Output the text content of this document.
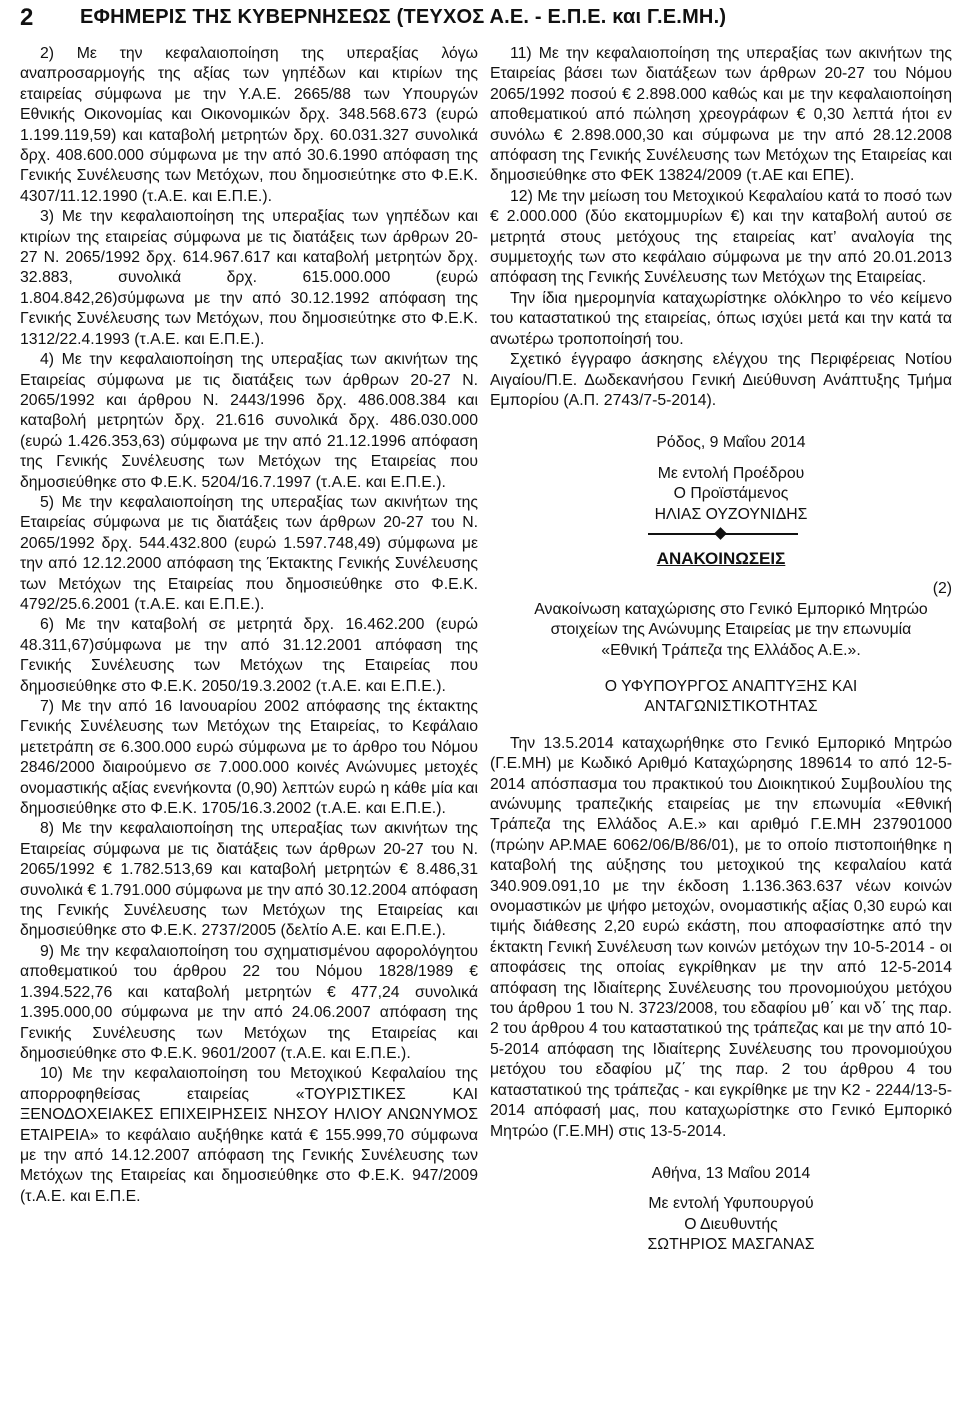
2 ΕΦΗΜΕΡΙΣ ΤΗΣ ΚΥΒΕΡΝΗΣΕΩΣ (ΤΕΥΧΟΣ Α.Ε. - Ε.Π.Ε. και Γ.Ε.ΜΗ.)

2) Με την κεφαλαιοποίηση της υπεραξίας λόγω αναπροσαρμογής της αξίας των γηπέδων και κτιρίων της εταιρείας σύμφωνα με την Υ.Α.Ε. 2665/88 των Υπουργών Εθνικής Οικονομίας και Οικονομικών δρχ. 348.568.673 (ευρώ 1.199.119,59) και καταβολή μετρητών δρχ. 60.031.327 συνολικά δρχ. 408.600.000 σύμφωνα με την από 30.6.1990 απόφαση της Γενικής Συνέλευσης των Μετόχων, που δημοσιεύτηκε στο Φ.Ε.Κ. 4307/11.12.1990 (τ.Α.Ε. και Ε.Π.Ε.).

3) Με την κεφαλαιοποίηση της υπεραξίας των γηπέδων και κτιρίων της εταιρείας σύμφωνα με τις διατάξεις των άρθρων 20-27 Ν. 2065/1992 δρχ. 614.967.617 και καταβολή μετρητών δρχ. 32.883, συνολικά δρχ. 615.000.000 (ευρώ 1.804.842,26)σύμφωνα με την από 30.12.1992 απόφαση της Γενικής Συνέλευσης των Μετόχων, που δημοσιεύτηκε στο Φ.Ε.Κ. 1312/22.4.1993 (τ.Α.Ε. και Ε.Π.Ε.).

4) Με την κεφαλαιοποίηση της υπεραξίας των ακινήτων της Εταιρείας σύμφωνα με τις διατάξεις των άρθρων 20-27 Ν. 2065/1992 και άρθρου Ν. 2443/1996 δρχ. 486.008.384 και καταβολή μετρητών δρχ. 21.616 συνολικά δρχ. 486.030.000 (ευρώ 1.426.353,63) σύμφωνα με την από 21.12.1996 απόφαση της Γενικής Συνέλευσης των Μετόχων της Εταιρείας που δημοσιεύθηκε στο Φ.Ε.Κ. 5204/16.7.1997 (τ.Α.Ε. και Ε.Π.Ε.).

5) Με την κεφαλαιοποίηση της υπεραξίας των ακινήτων της Εταιρείας σύμφωνα με τις διατάξεις των άρθρων 20-27 του Ν. 2065/1992 δρχ. 544.432.800 (ευρώ 1.597.748,49) σύμφωνα με την από 12.12.2000 απόφαση της Έκτακτης Γενικής Συνέλευσης των Μετόχων της Εταιρείας που δημοσιεύθηκε στο Φ.Ε.Κ. 4792/25.6.2001 (τ.Α.Ε. και Ε.Π.Ε.).

6) Με την καταβολή σε μετρητά δρχ. 16.462.200 (ευρώ 48.311,67)σύμφωνα με την από 31.12.2001 απόφαση της Γενικής Συνέλευσης των Μετόχων της Εταιρείας που δημοσιεύθηκε στο Φ.Ε.Κ. 2050/19.3.2002 (τ.Α.Ε. και Ε.Π.Ε.).

7) Με την από 16 Ιανουαρίου 2002 απόφασης της έκτακτης Γενικής Συνέλευσης των Μετόχων της Εταιρείας, το Κεφάλαιο μετετράπη σε 6.300.000 ευρώ σύμφωνα με το άρθρο του Νόμου 2846/2000 διαιρούμενο σε 7.000.000 κοινές Ανώνυμες μετοχές ονομαστικής αξίας ενενήκοντα (0,90) λεπτών ευρώ η κάθε μία και δημοσιεύθηκε στο Φ.Ε.Κ. 1705/16.3.2002 (τ.Α.Ε. και Ε.Π.Ε.).

8) Με την κεφαλαιοποίηση της υπεραξίας των ακινήτων της Εταιρείας σύμφωνα με τις διατάξεις των άρθρων 20-27 του Ν. 2065/1992 € 1.782.513,69 και καταβολή μετρητών € 8.486,31 συνολικά € 1.791.000 σύμφωνα με την από 30.12.2004 απόφαση της Γενικής Συνέλευσης των Μετόχων της Εταιρείας και δημοσιεύθηκε στο Φ.Ε.Κ. 2737/2005 (δελτίο Α.Ε. και Ε.Π.Ε.).

9) Με την κεφαλαιοποίηση του σχηματισμένου αφορολόγητου αποθεματικού του άρθρου 22 του Νόμου 1828/1989 € 1.394.522,76 και καταβολή μετρητών € 477,24 συνολικά 1.395.000,00 σύμφωνα με την από 24.06.2007 απόφαση της Γενικής Συνέλευσης των Μετόχων της Εταιρείας και δημοσιεύθηκε στο Φ.Ε.Κ. 9601/2007 (τ.Α.Ε. και Ε.Π.Ε.).

10) Με την κεφαλαιοποίηση του Μετοχικού Κεφαλαίου της απορροφηθείσας εταιρείας «ΤΟΥΡΙΣΤΙΚΕΣ ΚΑΙ ΞΕΝΟΔΟΧΕΙΑΚΕΣ ΕΠΙΧΕΙΡΗΣΕΙΣ ΝΗΣΟΥ ΗΛΙΟΥ ΑΝΩΝΥΜΟΣ ΕΤΑΙΡΕΙΑ» το κεφάλαιο αυξήθηκε κατά € 155.999,70 σύμφωνα με την από 14.12.2007 απόφαση της Γενικής Συνέλευσης των Μετόχων της Εταιρείας και δημοσιεύθηκε στο Φ.Ε.Κ. 947/2009 (τ.Α.Ε. και Ε.Π.Ε.

11) Με την κεφαλαιοποίηση της υπεραξίας των ακινήτων της Εταιρείας βάσει των διατάξεων των άρθρων 20-27 του Νόμου 2065/1992 ποσού € 2.898.000 καθώς και με την κεφαλαιοποίηση αποθεματικού από πώληση χρεογράφων € 0,30 λεπτά ήτοι εν συνόλω € 2.898.000,30 και σύμφωνα με την από 28.12.2008 απόφαση της Γενικής Συνέλευσης των Μετόχων της Εταιρείας και δημοσιεύθηκε στο ΦΕΚ 13824/2009 (τ.ΑΕ και ΕΠΕ).

12) Με την μείωση του Μετοχικού Κεφαλαίου κατά το ποσό των € 2.000.000 (δύο εκατομμυρίων €) και την καταβολή αυτού σε μετρητά στους μετόχους της εταιρείας κατ’ αναλογία της συμμετοχής των στο κεφάλαιο σύμφωνα με την από 20.01.2013 απόφαση της Γενικής Συνέλευσης των Μετόχων της Εταιρείας.

Την ίδια ημερομηνία καταχωρίστηκε ολόκληρο το νέο κείμενο του καταστατικού της εταιρείας, όπως ισχύει μετά και την κατά τα ανωτέρω τροποποίησή του.

Σχετικό έγγραφο άσκησης ελέγχου της Περιφέρειας Νοτίου Αιγαίου/Π.Ε. Δωδεκανήσου Γενική Διεύθυνση Ανάπτυξης Τμήμα Εμπορίου (Α.Π. 2743/7-5-2014).

Ρόδος, 9 Μαΐου 2014

Με εντολή Προέδρου

Ο Προϊστάμενος

ΗΛΙΑΣ ΟΥΖΟΥΝΙΔΗΣ

ΑΝΑΚΟΙΝΩΣΕΙΣ

(2)

Ανακοίνωση καταχώρισης στο Γενικό Εμπορικό Μητρώο

στοιχείων της Ανώνυμης Εταιρείας με την επωνυμία

«Εθνική Τράπεζα της Ελλάδος Α.Ε.».

Ο ΥΦΥΠΟΥΡΓΟΣ ΑΝΑΠΤΥΞΗΣ ΚΑΙ

ΑΝΤΑΓΩΝΙΣΤΙΚΟΤΗΤΑΣ

Την 13.5.2014 καταχωρήθηκε στο Γενικό Εμπορικό Μητρώο (Γ.Ε.ΜΗ) με Κωδικό Αριθμό Καταχώρησης 189614 το από 12-5-2014 απόσπασμα του πρακτικού του Διοικητικού Συμβουλίου της ανώνυμης τραπεζικής εταιρείας με την επωνυμία «Εθνική Τράπεζα της Ελλάδος Α.Ε.» και αριθμό Γ.Ε.ΜΗ 237901000 (πρώην ΑΡ.ΜΑΕ 6062/06/Β/86/01), με το οποίο πιστοποιήθηκε η καταβολή της αύξησης του μετοχικού της κεφαλαίου κατά 340.909.091,10 με την έκδοση 1.136.363.637 νέων κοινών ονομαστικών με ψήφο μετοχών, ονομαστικής αξίας 0,30 ευρώ και τιμής διάθεσης 2,20 ευρώ εκάστη, που αποφασίστηκε από την έκτακτη Γενική Συνέλευση των κοινών μετόχων την 10-5-2014 - οι αποφάσεις της οποίας εγκρίθηκαν με την από 12-5-2014 απόφαση της Ιδιαίτερης Συνέλευσης του προνομιούχου μετόχου του άρθρου 1 του Ν. 3723/2008, του εδαφίου μθ΄ και νδ΄ της παρ. 2 του άρθρου 4 του καταστατικού της τράπεζας και με την από 10-5-2014 απόφαση της Ιδιαίτερης Συνέλευσης του προνομιούχου μετόχου του εδαφίου μζ΄ της παρ. 2 του άρθρου 4 του καταστατικού της τράπεζας - και εγκρίθηκε με την Κ2 - 2244/13-5-2014 απόφασή μας, που καταχωρίστηκε στο Γενικό Εμπορικό Μητρώο (Γ.Ε.ΜΗ) στις 13-5-2014.

Αθήνα, 13 Μαΐου 2014

Με εντολή Υφυπουργού

Ο Διευθυντής

ΣΩΤΗΡΙΟΣ ΜΑΣΓΑΝΑΣ
